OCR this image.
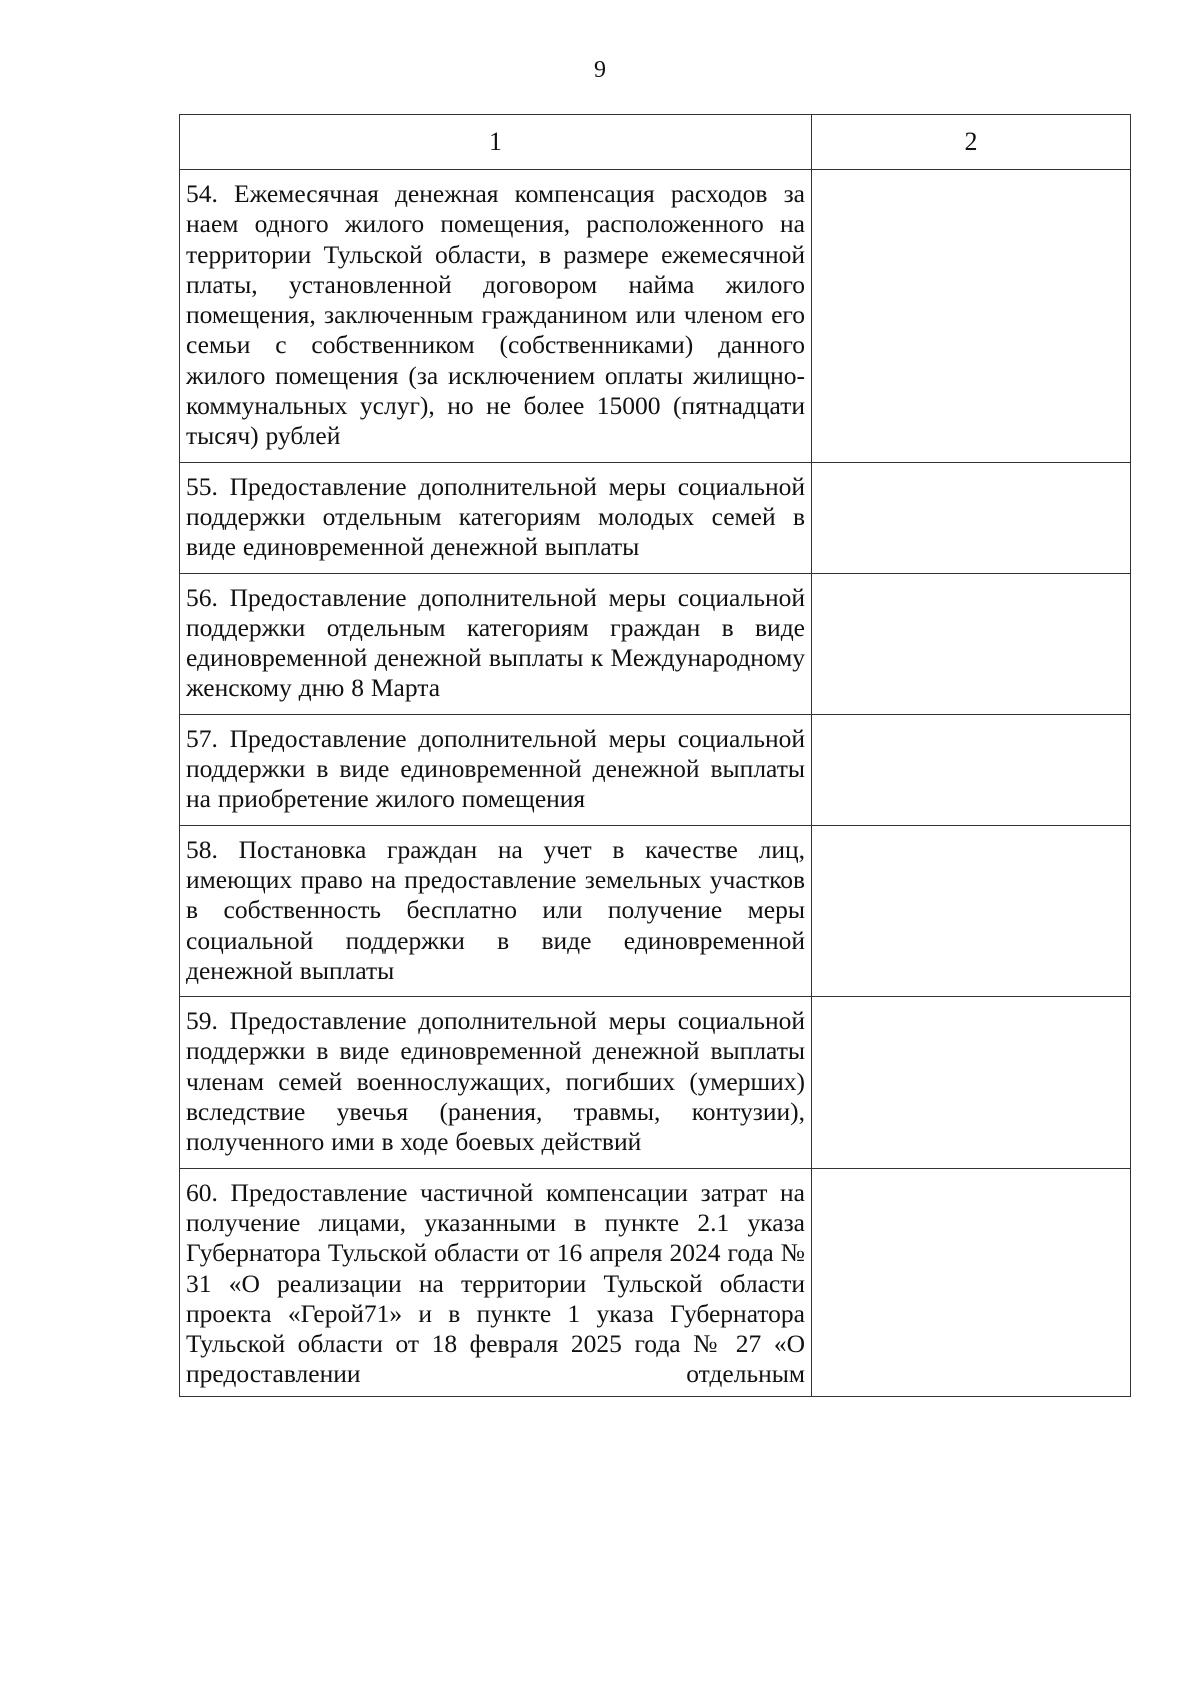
9
1	2

54. Ежемесячная денежная компенсация расходов за наем одного жилого помещения, расположенного на территории Тульской области, в размере ежемесячной платы, установленной договором найма жилого помещения, заключенным гражданином или членом его семьи с собственником (собственниками) данного жилого помещения (за исключением оплаты жилищно-коммунальных услуг), но не более 15000 (пятнадцати тысяч) рублей	

55. Предоставление дополнительной меры социальной поддержки отдельным категориям молодых семей в виде единовременной денежной выплаты	

56. Предоставление дополнительной меры социальной поддержки отдельным категориям граждан в виде единовременной денежной выплаты к Международному женскому дню 8 Марта	

57. Предоставление дополнительной меры социальной поддержки в виде единовременной денежной выплаты на приобретение жилого помещения	

58. Постановка граждан на учет в качестве лиц, имеющих право на предоставление земельных участков в собственность бесплатно или получение меры социальной поддержки в виде единовременной денежной выплаты	

59. Предоставление дополнительной меры социальной поддержки в виде единовременной денежной выплаты членам семей военнослужащих, погибших (умерших) вследствие увечья (ранения, травмы, контузии), полученного ими в ходе боевых действий	

60. Предоставление частичной компенсации затрат на получение лицами, указанными в пункте 2.1 указа Губернатора Тульской области от 16 апреля 2024 года № 31 «О реализации на территории Тульской области проекта «Герой71» и в пункте 1 указа Губернатора Тульской области от 18 февраля 2025 года № 27 «О предоставлении отдельным	
